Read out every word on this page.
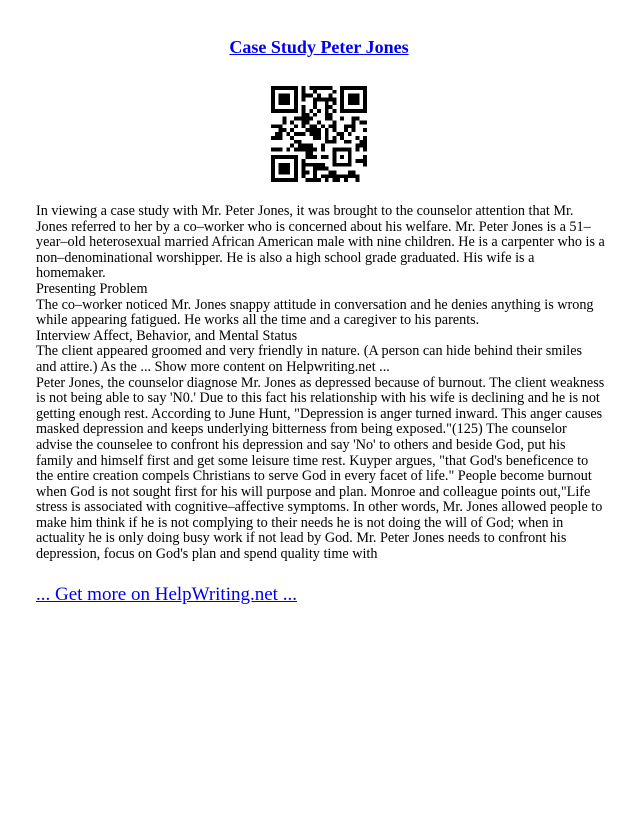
Case Study Peter Jones

In viewing a case study with Mr. Peter Jones, it was brought to the counselor attention that Mr. Jones referred to her by a co–worker who is concerned about his welfare. Mr. Peter Jones is a 51–year–old heterosexual married African American male with nine children. He is a carpenter who is a non–denominational worshipper. He is also a high school grade graduated. His wife is a homemaker.

Presenting Problem

The co–worker noticed Mr. Jones snappy attitude in conversation and he denies anything is wrong while appearing fatigued. He works all the time and a caregiver to his parents.

Interview Affect, Behavior, and Mental Status

The client appeared groomed and very friendly in nature. (A person can hide behind their smiles and attire.) As the ... Show more content on Helpwriting.net ...

Peter Jones, the counselor diagnose Mr. Jones as depressed because of burnout. The client weakness is not being able to say 'N0.' Due to this fact his relationship with his wife is declining and he is not getting enough rest. According to June Hunt, "Depression is anger turned inward. This anger causes masked depression and keeps underlying bitterness from being exposed."(125) The counselor advise the counselee to confront his depression and say 'No' to others and beside God, put his family and himself first and get some leisure time rest. Kuyper argues, "that God's beneficence to the entire creation compels Christians to serve God in every facet of life." People become burnout when God is not sought first for his will purpose and plan. Monroe and colleague points out,"Life stress is associated with cognitive–affective symptoms. In other words, Mr. Jones allowed people to make him think if he is not complying to their needs he is not doing the will of God; when in actuality he is only doing busy work if not lead by God. Mr. Peter Jones needs to confront his depression, focus on God's plan and spend quality time with

... Get more on HelpWriting.net ...
